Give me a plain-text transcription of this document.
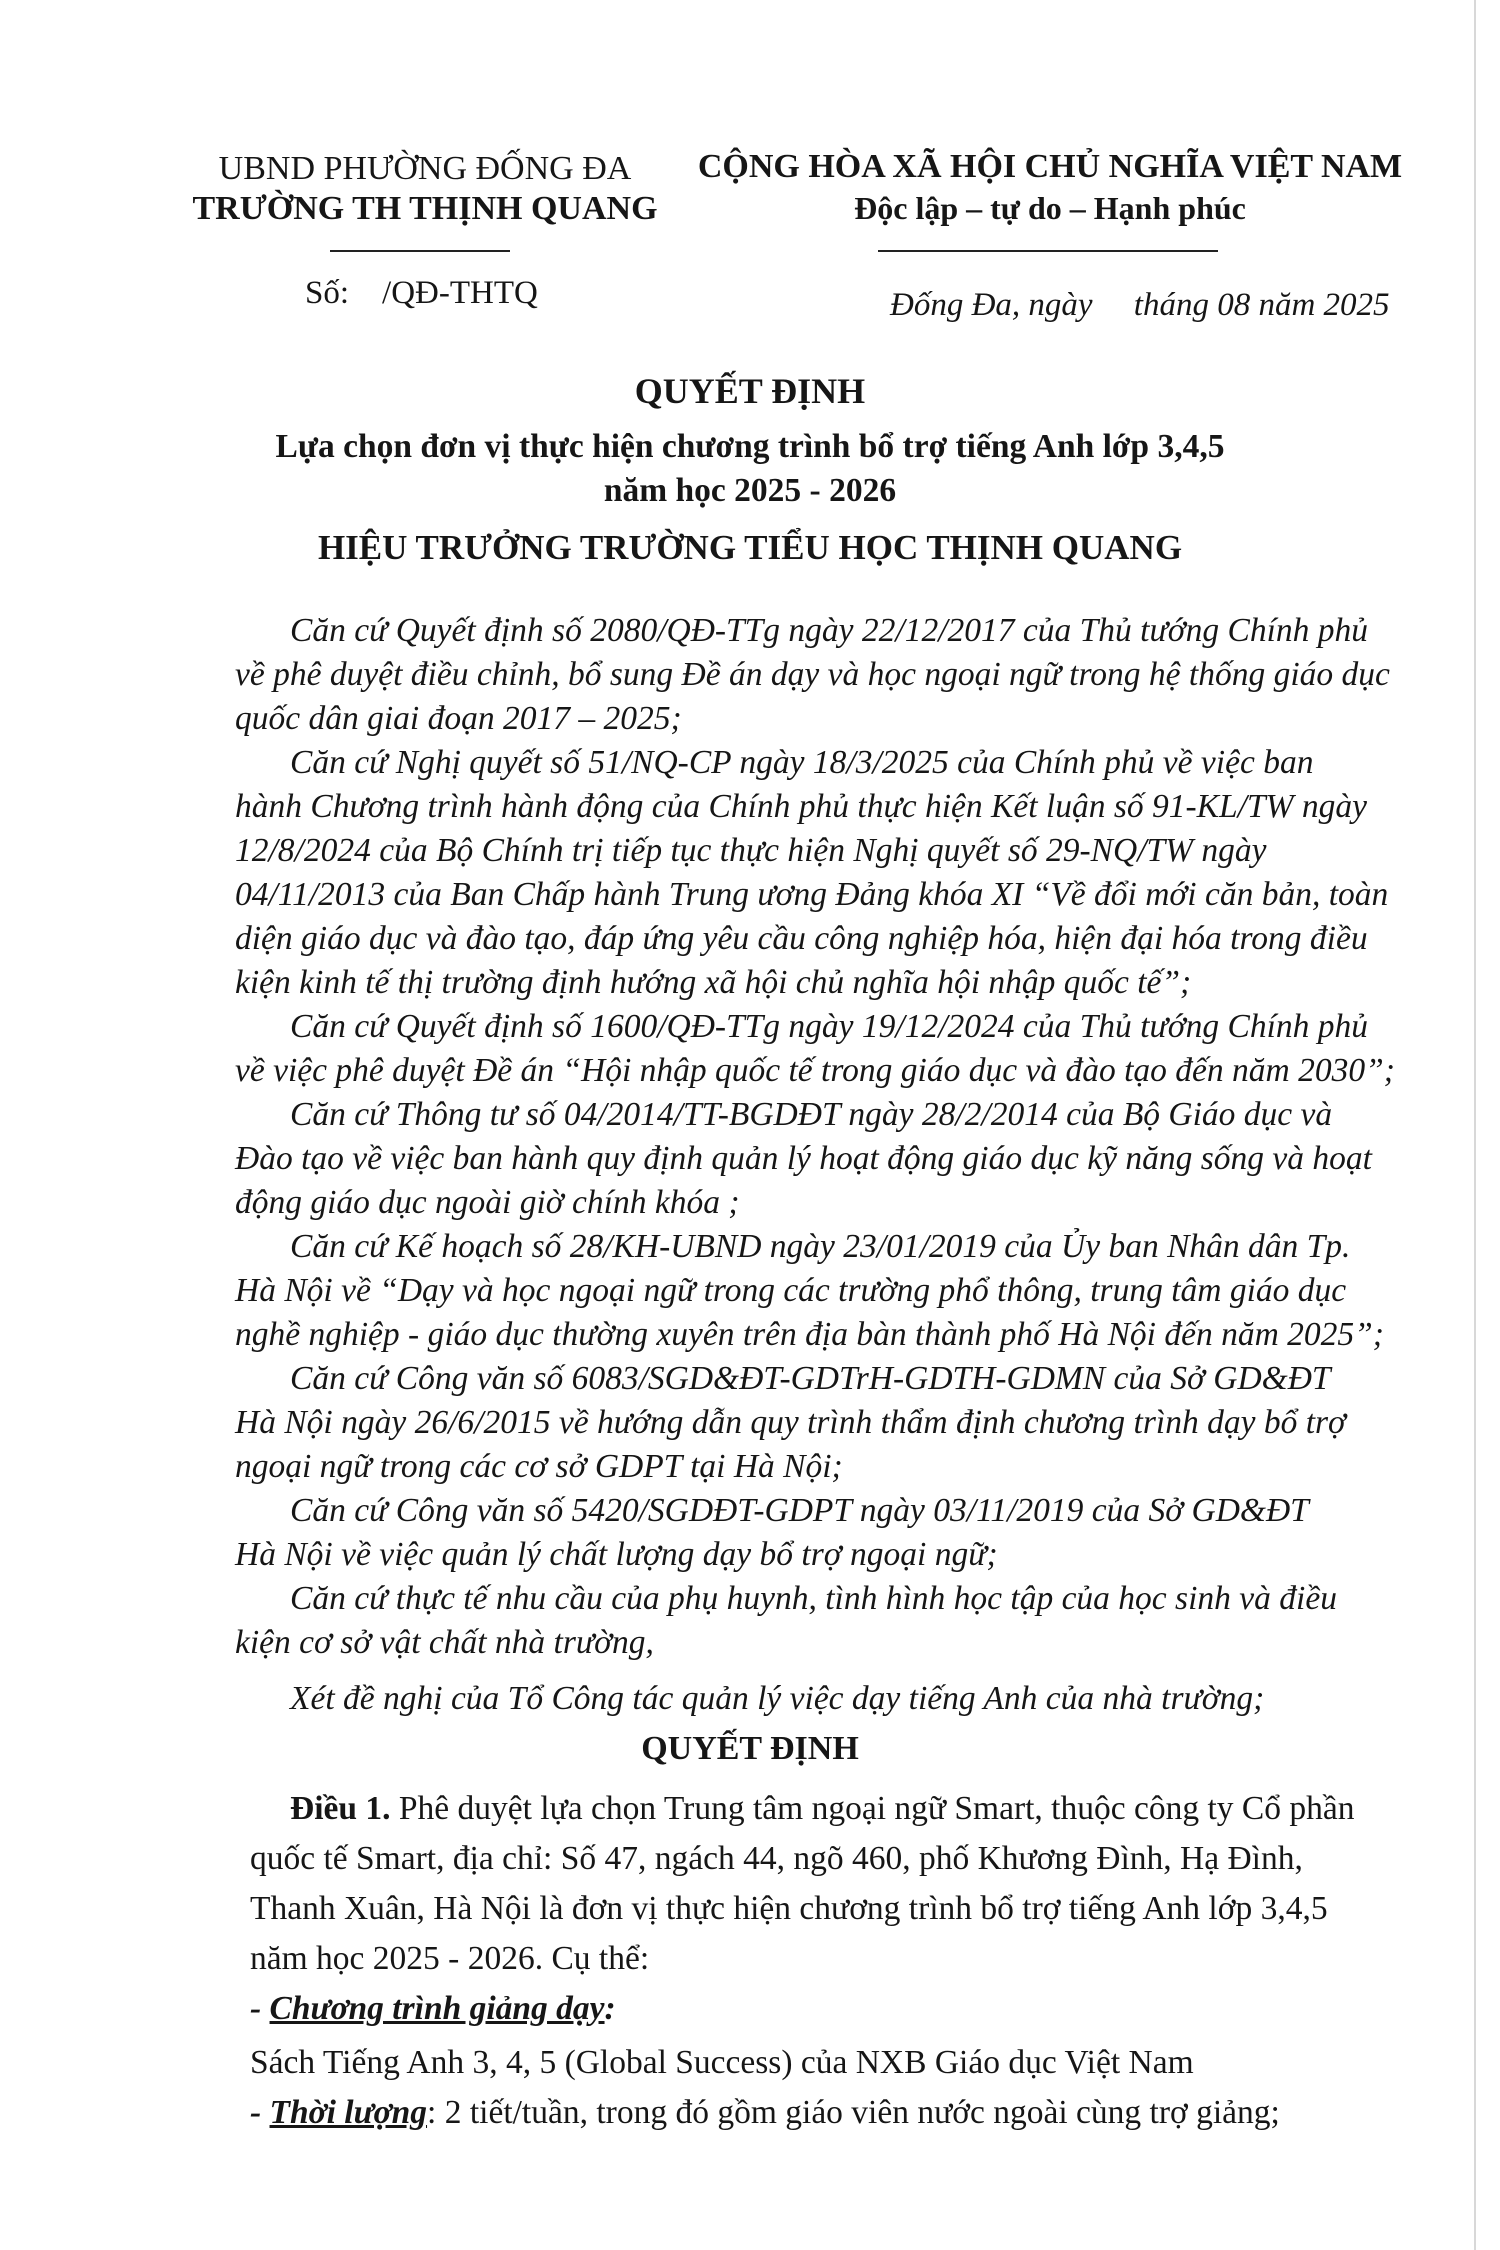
UBND PHƯỜNG ĐỐNG ĐA
TRƯỜNG TH THỊNH QUANG
CỘNG HÒA XÃ HỘI CHỦ NGHĨA VIỆT NAM
Độc lập – tự do – Hạnh phúc
Số:    /QĐ-THTQ	Đống Đa, ngày     tháng 08 năm 2025
QUYẾT ĐỊNH
Lựa chọn đơn vị thực hiện chương trình bổ trợ tiếng Anh lớp 3,4,5
năm học 2025 - 2026
HIỆU TRƯỞNG TRƯỜNG TIỂU HỌC THỊNH QUANG
Căn cứ Quyết định số 2080/QĐ-TTg ngày 22/12/2017 của Thủ tướng Chính phủ
về phê duyệt điều chỉnh, bổ sung Đề án dạy và học ngoại ngữ trong hệ thống giáo dục
quốc dân giai đoạn 2017 – 2025;
Căn cứ Nghị quyết số 51/NQ-CP ngày 18/3/2025 của Chính phủ về việc ban
hành Chương trình hành động của Chính phủ thực hiện Kết luận số 91-KL/TW ngày
12/8/2024 của Bộ Chính trị tiếp tục thực hiện Nghị quyết số 29-NQ/TW ngày
04/11/2013 của Ban Chấp hành Trung ương Đảng khóa XI “Về đổi mới căn bản, toàn
diện giáo dục và đào tạo, đáp ứng yêu cầu công nghiệp hóa, hiện đại hóa trong điều
kiện kinh tế thị trường định hướng xã hội chủ nghĩa hội nhập quốc tế”;
Căn cứ Quyết định số 1600/QĐ-TTg ngày 19/12/2024 của Thủ tướng Chính phủ
về việc phê duyệt Đề án “Hội nhập quốc tế trong giáo dục và đào tạo đến năm 2030”;
Căn cứ Thông tư số 04/2014/TT-BGDĐT ngày 28/2/2014 của Bộ Giáo dục và
Đào tạo về việc ban hành quy định quản lý hoạt động giáo dục kỹ năng sống và hoạt
động giáo dục ngoài giờ chính khóa ;
Căn cứ Kế hoạch số 28/KH-UBND ngày 23/01/2019 của Ủy ban Nhân dân Tp.
Hà Nội về “Dạy và học ngoại ngữ trong các trường phổ thông, trung tâm giáo dục
nghề nghiệp - giáo dục thường xuyên trên địa bàn thành phố Hà Nội đến năm 2025”;
Căn cứ Công văn số 6083/SGD&ĐT-GDTrH-GDTH-GDMN của Sở GD&ĐT
Hà Nội ngày 26/6/2015 về hướng dẫn quy trình thẩm định chương trình dạy bổ trợ
ngoại ngữ trong các cơ sở GDPT tại Hà Nội;
Căn cứ Công văn số 5420/SGDĐT-GDPT ngày 03/11/2019 của Sở GD&ĐT
Hà Nội về việc quản lý chất lượng dạy bổ trợ ngoại ngữ;
Căn cứ thực tế nhu cầu của phụ huynh, tình hình học tập của học sinh và điều
kiện cơ sở vật chất nhà trường,
Xét đề nghị của Tổ Công tác quản lý việc dạy tiếng Anh của nhà trường;
QUYẾT ĐỊNH
Điều 1. Phê duyệt lựa chọn Trung tâm ngoại ngữ Smart, thuộc công ty Cổ phần
quốc tế Smart, địa chỉ: Số 47, ngách 44, ngõ 460, phố Khương Đình, Hạ Đình,
Thanh Xuân, Hà Nội là đơn vị thực hiện chương trình bổ trợ tiếng Anh lớp 3,4,5
năm học 2025 - 2026. Cụ thể:
- Chương trình giảng dạy:
Sách Tiếng Anh 3, 4, 5 (Global Success) của NXB Giáo dục Việt Nam
- Thời lượng: 2 tiết/tuần, trong đó gồm giáo viên nước ngoài cùng trợ giảng;
